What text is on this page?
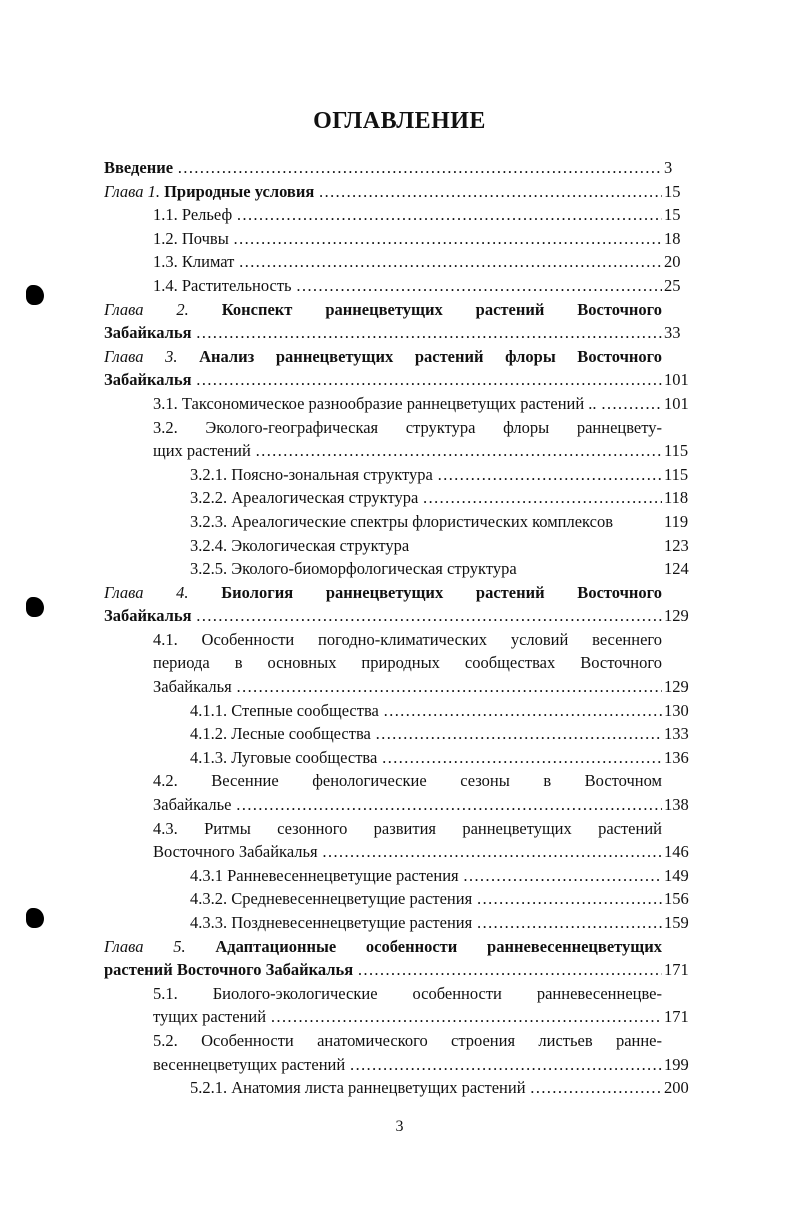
ОГЛАВЛЕНИЕ
Введение ……………………………………………………………………………………………………………………………………………………………	3
Глава 1. Природные условия ……………………………………………………………………………………………………………………………………………………………	15
1.1. Рельеф ……………………………………………………………………………………………………………………………………………………………	15
1.2. Почвы ……………………………………………………………………………………………………………………………………………………………	18
1.3. Климат ……………………………………………………………………………………………………………………………………………………………	20
1.4. Растительность ……………………………………………………………………………………………………………………………………………………………	25
Глава 2. Конспект раннецветущих растений Восточного
Забайкалья ……………………………………………………………………………………………………………………………………………………………	33
Глава 3. Анализ раннецветущих растений флоры Восточного
Забайкалья ……………………………………………………………………………………………………………………………………………………………	101
3.1. Таксономическое разнообразие раннецветущих растений .. ……………………………………………………………………………………………………………………………………………………………	101
3.2. Эколого-географическая структура флоры раннецвету-
щих растений ……………………………………………………………………………………………………………………………………………………………	115
3.2.1. Поясно-зональная структура ……………………………………………………………………………………………………………………………………………………………	115
3.2.2. Ареалогическая структура ……………………………………………………………………………………………………………………………………………………………	118
3.2.3. Ареалогические спектры флористических комплексов	119
3.2.4. Экологическая структура	123
3.2.5. Эколого-биоморфологическая структура	124
Глава 4. Биология раннецветущих растений Восточного
Забайкалья ……………………………………………………………………………………………………………………………………………………………	129
4.1. Особенности погодно-климатических условий весеннего
периода в основных природных сообществах Восточного
Забайкалья ……………………………………………………………………………………………………………………………………………………………	129
4.1.1. Степные сообщества ……………………………………………………………………………………………………………………………………………………………	130
4.1.2. Лесные сообщества ……………………………………………………………………………………………………………………………………………………………	133
4.1.3. Луговые сообщества ……………………………………………………………………………………………………………………………………………………………	136
4.2. Весенние фенологические сезоны в Восточном
Забайкалье ……………………………………………………………………………………………………………………………………………………………	138
4.3. Ритмы сезонного развития раннецветущих растений
Восточного Забайкалья ……………………………………………………………………………………………………………………………………………………………	146
4.3.1 Ранневесеннецветущие растения ……………………………………………………………………………………………………………………………………………………………	149
4.3.2. Средневесеннецветущие растения ……………………………………………………………………………………………………………………………………………………………	156
4.3.3. Поздневесеннецветущие растения ……………………………………………………………………………………………………………………………………………………………	159
Глава 5. Адаптационные особенности ранневесеннецветущих
растений Восточного Забайкалья ……………………………………………………………………………………………………………………………………………………………	171
5.1. Биолого-экологические особенности ранневесеннецве-
тущих растений ……………………………………………………………………………………………………………………………………………………………	171
5.2. Особенности анатомического строения листьев ранне-
весеннецветущих растений ……………………………………………………………………………………………………………………………………………………………	199
5.2.1. Анатомия листа раннецветущих растений ……………………………………………………………………………………………………………………………………………………………	200
3
